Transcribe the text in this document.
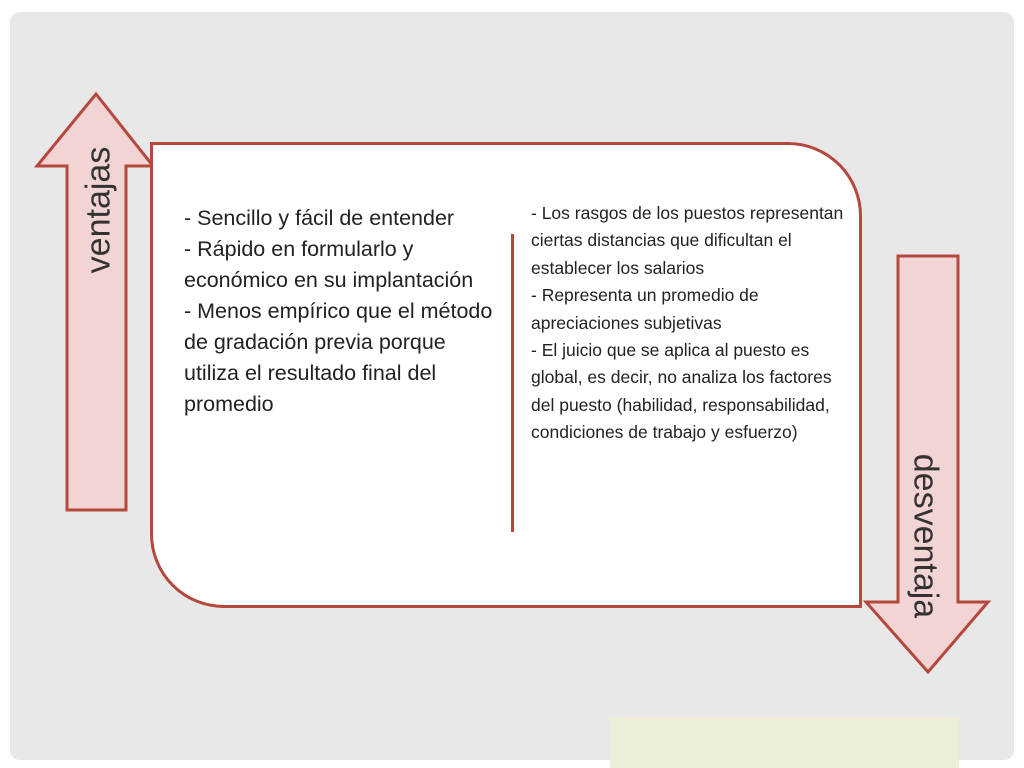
- Sencillo y fácil de entender
- Rápido en formularlo y económico en su implantación
- Menos empírico que el método de gradación previa porque utiliza el resultado final del promedio
- Los rasgos de los puestos representan ciertas distancias que dificultan el establecer los salarios
- Representa un promedio de apreciaciones subjetivas
- El juicio que se aplica al puesto es global, es decir, no analiza los factores del puesto (habilidad, responsabilidad, condiciones de trabajo y esfuerzo)
ventajas
desventaja
